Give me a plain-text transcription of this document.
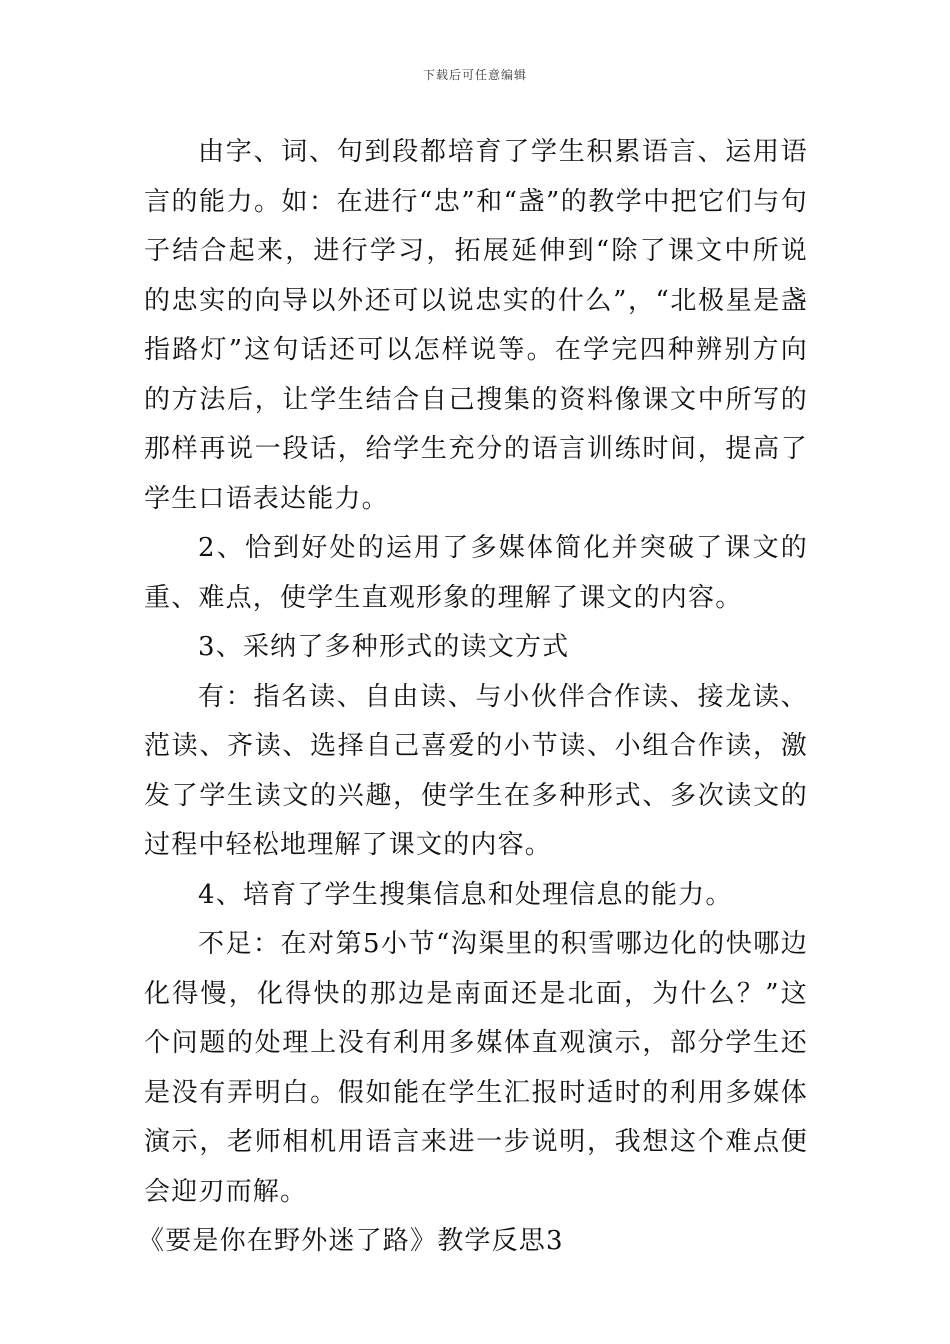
下载后可任意编辑

由字、词、句到段都培育了学生积累语言、运用语言的能力。如：在进行“忠”和“盏”的教学中把它们与句子结合起来，进行学习，拓展延伸到“除了课文中所说的忠实的向导以外还可以说忠实的什么”，“北极星是盏指路灯”这句话还可以怎样说等。在学完四种辨别方向的方法后，让学生结合自己搜集的资料像课文中所写的那样再说一段话，给学生充分的语言训练时间，提高了学生口语表达能力。

2、恰到好处的运用了多媒体简化并突破了课文的重、难点，使学生直观形象的理解了课文的内容。

3、采纳了多种形式的读文方式

有：指名读、自由读、与小伙伴合作读、接龙读、范读、齐读、选择自己喜爱的小节读、小组合作读，激发了学生读文的兴趣，使学生在多种形式、多次读文的过程中轻松地理解了课文的内容。

4、培育了学生搜集信息和处理信息的能力。

不足：在对第5小节“沟渠里的积雪哪边化的快哪边化得慢，化得快的那边是南面还是北面，为什么？”这个问题的处理上没有利用多媒体直观演示，部分学生还是没有弄明白。假如能在学生汇报时适时的利用多媒体演示，老师相机用语言来进一步说明，我想这个难点便会迎刃而解。

《要是你在野外迷了路》教学反思3
